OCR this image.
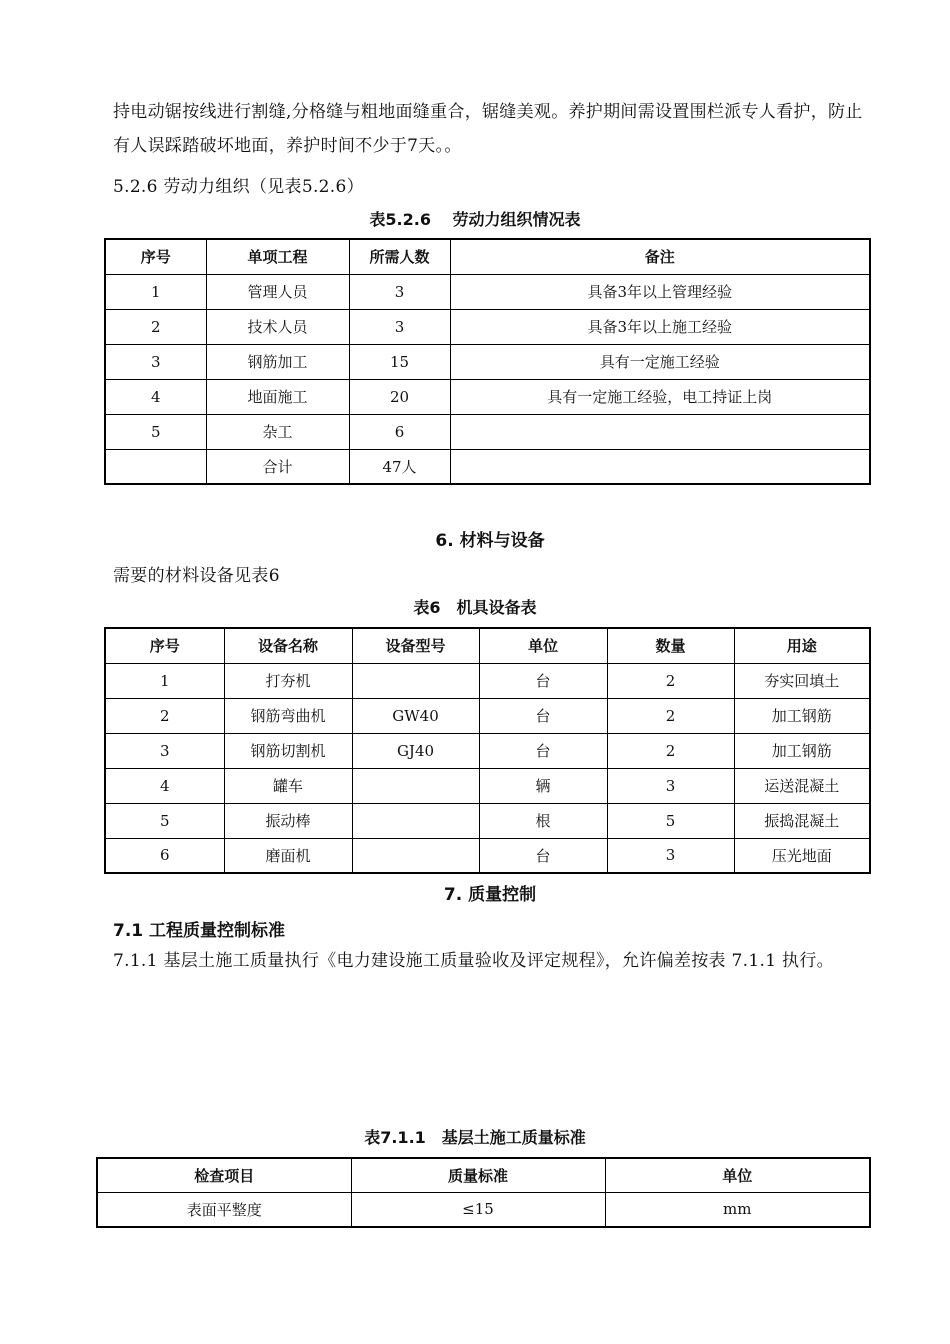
持电动锯按线进行割缝,分格缝与粗地面缝重合，锯缝美观。养护期间需设置围栏派专人看护，防止有人误踩踏破坏地面，养护时间不少于7天。。

5.2.6 劳动力组织（见表5.2.6）
表5.2.6　 劳动力组织情况表
序号	单项工程	所需人数	备注
1	管理人员	3	具备3年以上管理经验
2	技术人员	3	具备3年以上施工经验
3	钢筋加工	15	具有一定施工经验
4	地面施工	20	具有一定施工经验，电工持证上岗
5	杂工	6	
	合计	47人	
6. 材料与设备
需要的材料设备见表6
表6　机具设备表
序号	设备名称	设备型号	单位	数量	用途
1	打夯机		台	2	夯实回填土
2	钢筋弯曲机	GW40	台	2	加工钢筋
3	钢筋切割机	GJ40	台	2	加工钢筋
4	罐车		辆	3	运送混凝土
5	振动棒		根	5	振捣混凝土
6	磨面机		台	3	压光地面
7. 质量控制
7.1 工程质量控制标准

7.1.1 基层土施工质量执行《电力建设施工质量验收及评定规程》，允许偏差按表 7.1.1 执行。

表7.1.1　基层土施工质量标准
检查项目	质量标准	单位
表面平整度	≤15	mm
